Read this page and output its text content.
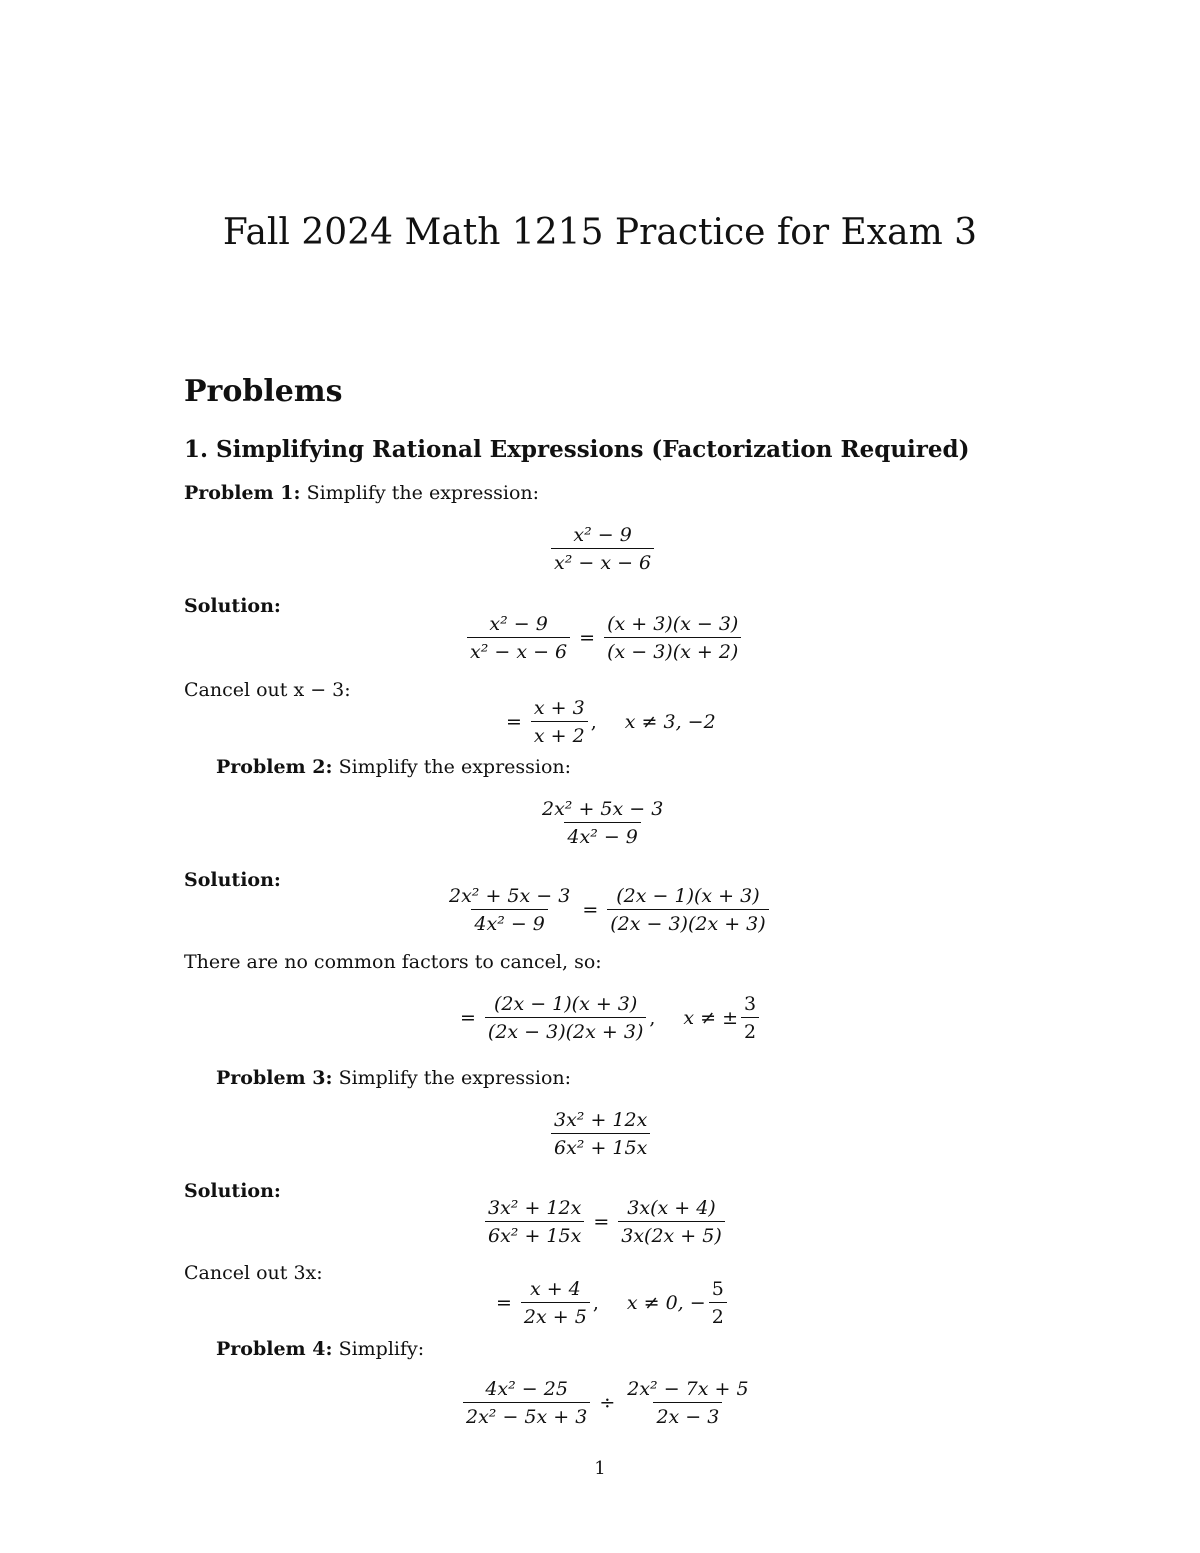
Fall 2024 Math 1215 Practice for Exam 3
Problems
1. Simplifying Rational Expressions (Factorization Required)
Problem 1: Simplify the expression:
$\frac{\text{x² − 9}}{\text{x² − x − 6}}$
Solution:
$\frac{\text{x² − 9}}{\text{x² − x − 6}} = \frac{(x + 3)(x - 3)}{(x - 3)(x + 2)}$
Cancel out x − 3:
= $\frac{x + 3}{x + 2}$ , x ≠ 3, −2
Problem 2: Simplify the expression:
$\frac{\text{2x² + 5x − 3}}{\text{4x² − 9}}$
Solution:
$\frac{\text{2x² + 5x − 3}}{\text{4x² − 9}} = \frac{(2x - 1)(x + 3)}{(2x - 3)(2x + 3)}$
There are no common factors to cancel, so:
= $\frac{(2x - 1)(x + 3)}{(2x - 3)(2x + 3)}$ , x ≠ ± $\frac{3}{2}$
Problem 3: Simplify the expression:
$\frac{\text{3x² + 12x}}{\text{6x² + 15x}}$
Solution:
$\frac{\text{3x² + 12x}}{\text{6x² + 15x}} = \frac{3x(x + 4)}{3x(2x + 5)}$
Cancel out 3x:
= $\frac{x + 4}{2x + 5}$ , x ≠ 0, − $\frac{5}{2}$
Problem 4: Simplify:
$\frac{\text{4x² − 25}}{\text{2x² − 5x + 3}} \div \frac{\text{2x² − 7x + 5}}{2x - 3}$
1
